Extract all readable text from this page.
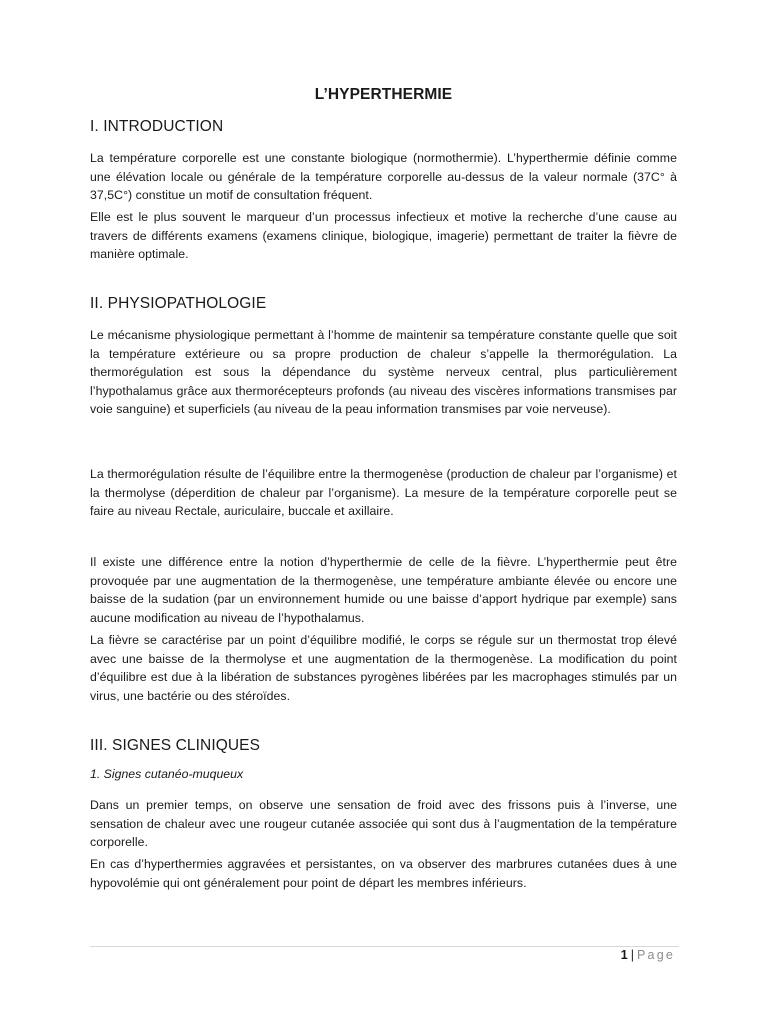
L’HYPERTHERMIE
I. INTRODUCTION

La température corporelle est une constante biologique (normothermie). L’hyperthermie définie comme une élévation locale ou générale de la température corporelle au-dessus de la valeur normale (37C° à 37,5C°) constitue un motif de consultation fréquent.

Elle est le plus souvent le marqueur d’un processus infectieux et motive la recherche d’une cause au travers de différents examens (examens clinique, biologique, imagerie) permettant de traiter la fièvre de manière optimale.

II. PHYSIOPATHOLOGIE

Le mécanisme physiologique permettant à l’homme de maintenir sa température constante quelle que soit la température extérieure ou sa propre production de chaleur s’appelle la thermorégulation. La thermorégulation est sous la dépendance du système nerveux central, plus particulièrement l’hypothalamus grâce aux thermorécepteurs profonds (au niveau des viscères informations transmises par voie sanguine) et superficiels (au niveau de la peau information transmises par voie nerveuse).

La thermorégulation résulte de l’équilibre entre la thermogenèse (production de chaleur par l’organisme) et la thermolyse (déperdition de chaleur par l’organisme). La mesure de la température corporelle peut se faire au niveau Rectale, auriculaire, buccale et axillaire.

Il existe une différence entre la notion d’hyperthermie de celle de la fièvre. L’hyperthermie peut être provoquée par une augmentation de la thermogenèse, une température ambiante élevée ou encore une baisse de la sudation (par un environnement humide ou une baisse d’apport hydrique par exemple) sans aucune modification au niveau de l’hypothalamus.

La fièvre se caractérise par un point d’équilibre modifié, le corps se régule sur un thermostat trop élevé avec une baisse de la thermolyse et une augmentation de la thermogenèse. La modification du point d’équilibre est due à la libération de substances pyrogènes libérées par les macrophages stimulés par un virus, une bactérie ou des stéroïdes.

III. SIGNES CLINIQUES

1. Signes cutanéo-muqueux

Dans un premier temps, on observe une sensation de froid avec des frissons puis à l’inverse, une sensation de chaleur avec une rougeur cutanée associée qui sont dus à l’augmentation de la température corporelle.

En cas d’hyperthermies aggravées et persistantes, on va observer des marbrures cutanées dues à une hypovolémie qui ont généralement pour point de départ les membres inférieurs.

1 | Page
